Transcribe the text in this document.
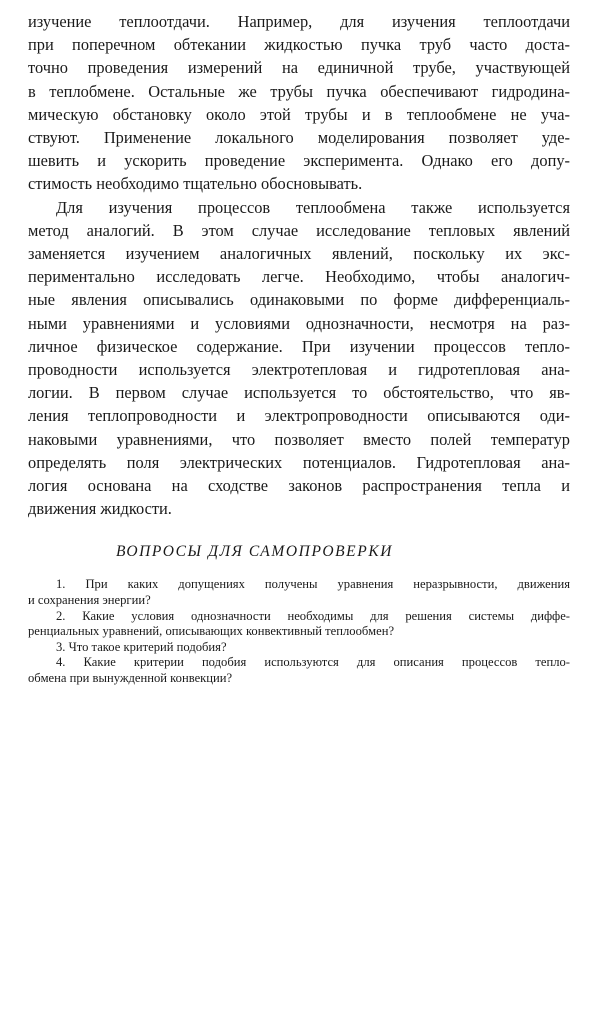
изучение теплоотдачи. Например, для изучения теплоотдачи
при поперечном обтекании жидкостью пучка труб часто доста-
точно проведения измерений на единичной трубе, участвующей
в теплобмене. Остальные же трубы пучка обеспечивают гидродина-
мическую обстановку около этой трубы и в теплообмене не уча-
ствуют. Применение локального моделирования позволяет уде-
шевить и ускорить проведение эксперимента. Однако его допу-
стимость необходимо тщательно обосновывать.
Для изучения процессов теплообмена также используется
метод аналогий. В этом случае исследование тепловых явлений
заменяется изучением аналогичных явлений, поскольку их экс-
периментально исследовать легче. Необходимо, чтобы аналогич-
ные явления описывались одинаковыми по форме дифференциаль-
ными уравнениями и условиями однозначности, несмотря на раз-
личное физическое содержание. При изучении процессов тепло-
проводности используется электротепловая и гидротепловая ана-
логии. В первом случае используется то обстоятельство, что яв-
ления теплопроводности и электропроводности описываются оди-
наковыми уравнениями, что позволяет вместо полей температур
определять поля электрических потенциалов. Гидротепловая ана-
логия основана на сходстве законов распространения тепла и
движения жидкости.
ВОПРОСЫ ДЛЯ САМОПРОВЕРКИ
1. При каких допущениях получены уравнения неразрывности, движения
и сохранения энергии?
2. Какие условия однозначности необходимы для решения системы диффе-
ренциальных уравнений, описывающих конвективный теплообмен?
3. Что такое критерий подобия?
4. Какие критерии подобия используются для описания процессов тепло-
обмена при вынужденной конвекции?
